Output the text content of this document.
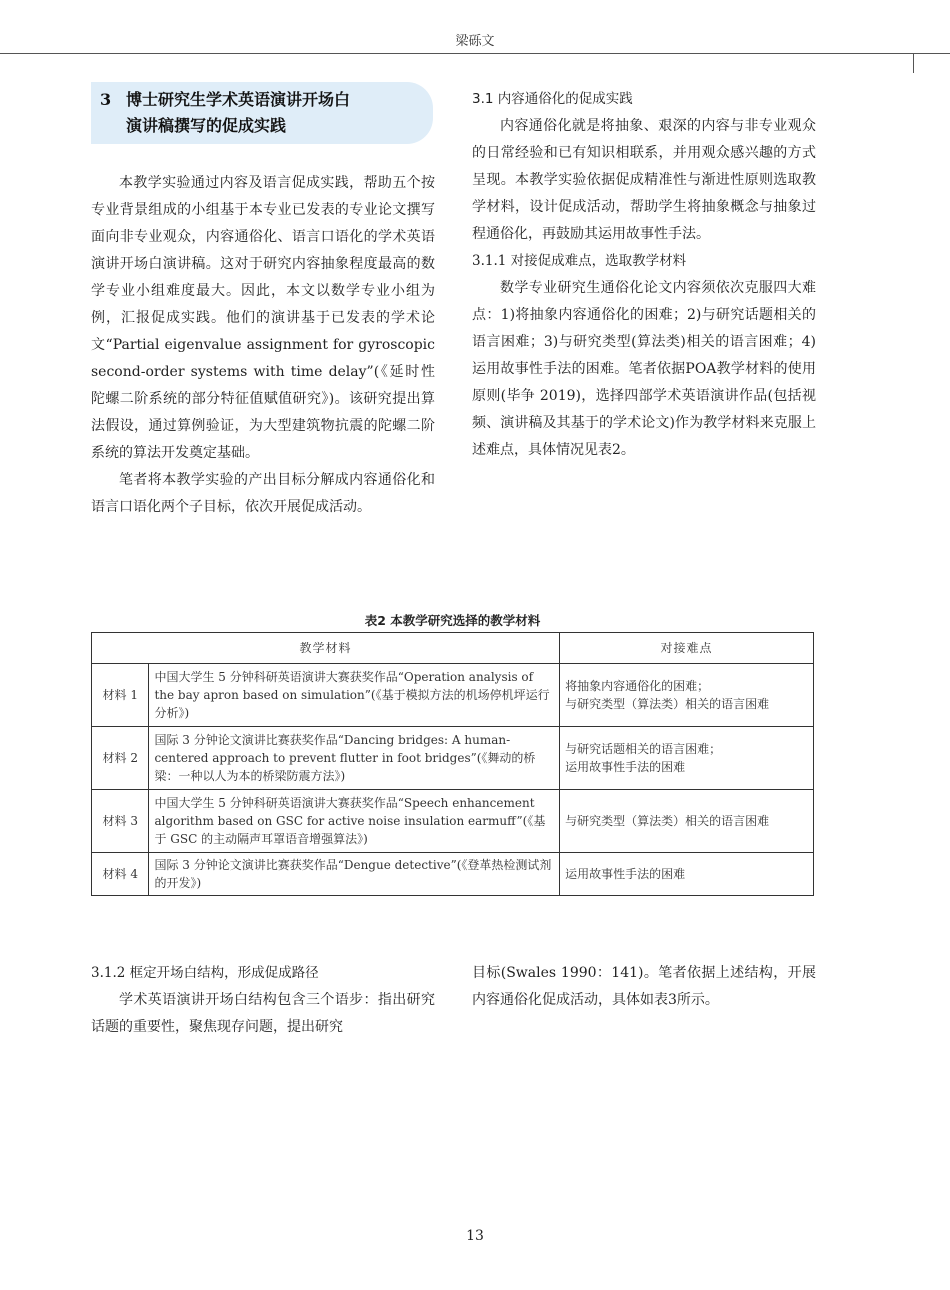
梁砾文
3 博士研究生学术英语演讲开场白
演讲稿撰写的促成实践

本教学实验通过内容及语言促成实践，帮助五个按专业背景组成的小组基于本专业已发表的专业论文撰写面向非专业观众，内容通俗化、语言口语化的学术英语演讲开场白演讲稿。这对于研究内容抽象程度最高的数学专业小组难度最大。因此，本文以数学专业小组为例，汇报促成实践。他们的演讲基于已发表的学术论文“Partial eigenvalue assignment for gyroscopic second-order systems with time delay”(《延时性陀螺二阶系统的部分特征值赋值研究》)。该研究提出算法假设，通过算例验证，为大型建筑物抗震的陀螺二阶系统的算法开发奠定基础。

笔者将本教学实验的产出目标分解成内容通俗化和语言口语化两个子目标，依次开展促成活动。

3.1 内容通俗化的促成实践

内容通俗化就是将抽象、艰深的内容与非专业观众的日常经验和已有知识相联系，并用观众感兴趣的方式呈现。本教学实验依据促成精准性与渐进性原则选取教学材料，设计促成活动，帮助学生将抽象概念与抽象过程通俗化，再鼓励其运用故事性手法。

3.1.1 对接促成难点，选取教学材料

数学专业研究生通俗化论文内容须依次克服四大难点：1)将抽象内容通俗化的困难；2)与研究话题相关的语言困难；3)与研究类型(算法类)相关的语言困难；4)运用故事性手法的困难。笔者依据POA教学材料的使用原则(毕争 2019)，选择四部学术英语演讲作品(包括视频、演讲稿及其基于的学术论文)作为教学材料来克服上述难点，具体情况见表2。

表2 本教学研究选择的教学材料
教学材料		对接难点
材料 1	中国大学生 5 分钟科研英语演讲大赛获奖作品“Operation analysis of the bay apron based on simulation”(《基于模拟方法的机场停机坪运行分析》)	将抽象内容通俗化的困难；
与研究类型（算法类）相关的语言困难
材料 2	国际 3 分钟论文演讲比赛获奖作品“Dancing bridges: A human-centered approach to prevent flutter in foot bridges”(《舞动的桥梁：一种以人为本的桥梁防震方法》)	与研究话题相关的语言困难；
运用故事性手法的困难
材料 3	中国大学生 5 分钟科研英语演讲大赛获奖作品“Speech enhancement algorithm based on GSC for active noise insulation earmuff”(《基于 GSC 的主动隔声耳罩语音增强算法》)	与研究类型（算法类）相关的语言困难
材料 4	国际 3 分钟论文演讲比赛获奖作品“Dengue detective”(《登革热检测试剂的开发》)	运用故事性手法的困难

3.1.2 框定开场白结构，形成促成路径

学术英语演讲开场白结构包含三个语步：指出研究话题的重要性，聚焦现存问题，提出研究

目标(Swales 1990：141)。笔者依据上述结构，开展内容通俗化促成活动，具体如表3所示。

13
